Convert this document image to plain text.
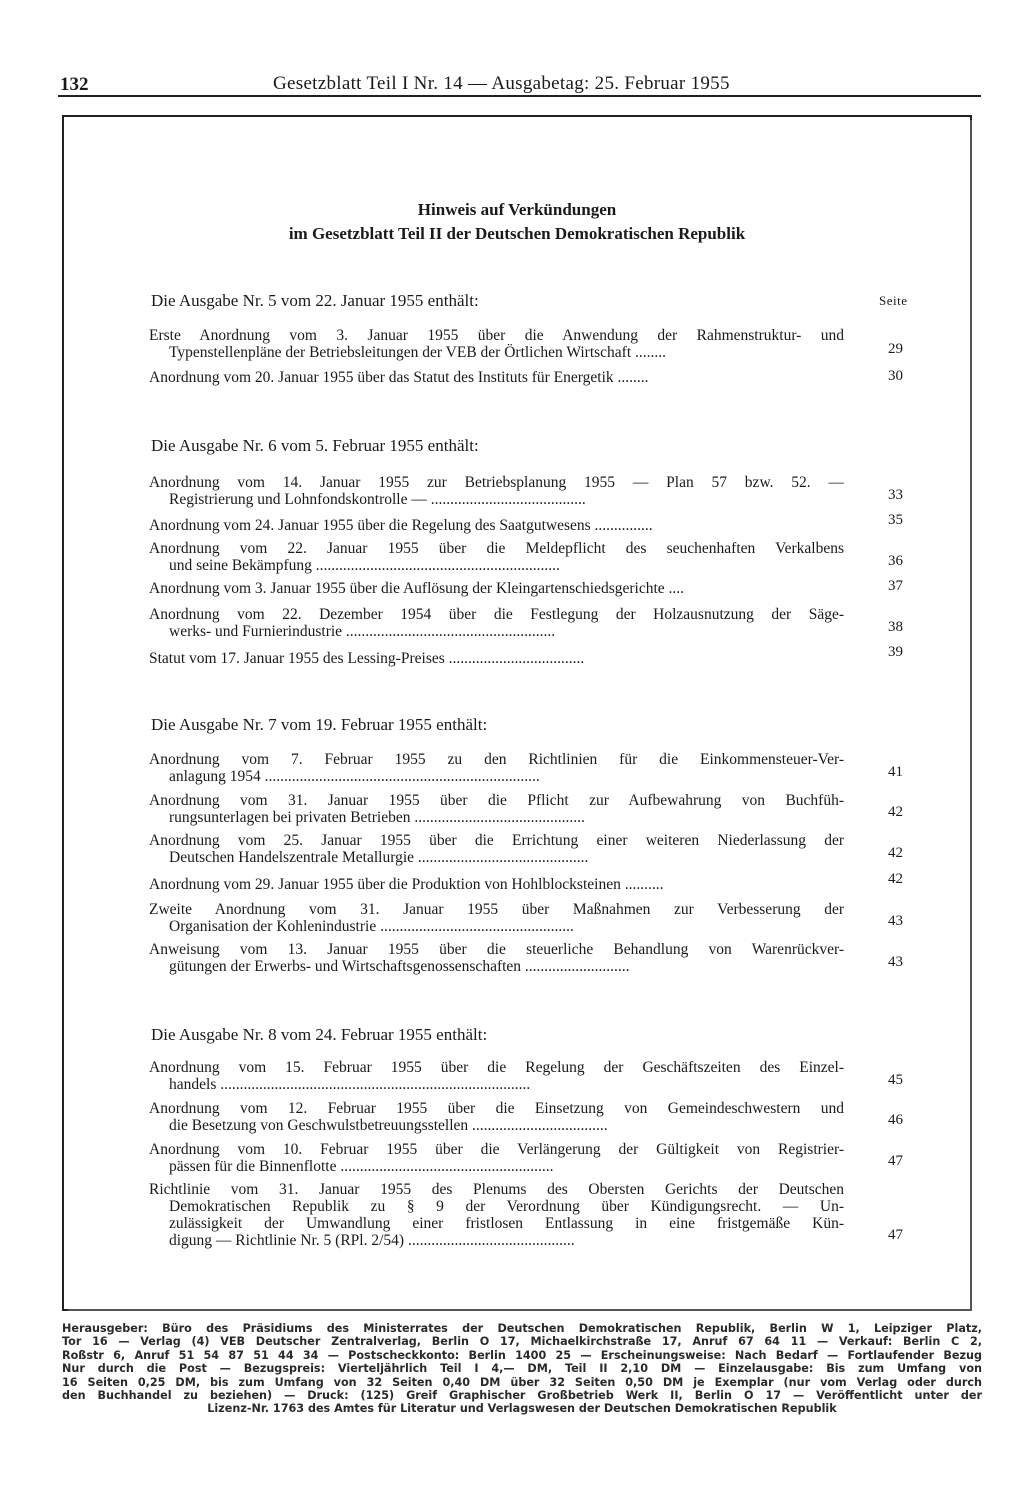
132	Gesetzblatt Teil I Nr. 14 — Ausgabetag: 25. Februar 1955
Hinweis auf Verkündungen
im Gesetzblatt Teil II der Deutschen Demokratischen Republik
Seite
Die Ausgabe Nr. 5 vom 22. Januar 1955 enthält:
Erste Anordnung vom 3. Januar 1955 über die Anwendung der Rahmenstruktur- und
Typenstellenpläne der Betriebsleitungen der VEB der Örtlichen Wirtschaft ........	29
Anordnung vom 20. Januar 1955 über das Statut des Instituts für Energetik ........	30
Die Ausgabe Nr. 6 vom 5. Februar 1955 enthält:
Anordnung vom 14. Januar 1955 zur Betriebsplanung 1955 — Plan 57 bzw. 52. —
Registrierung und Lohnfondskontrolle — ........................................	33
Anordnung vom 24. Januar 1955 über die Regelung des Saatgutwesens ...............	35
Anordnung vom 22. Januar 1955 über die Meldepflicht des seuchenhaften Verkalbens
und seine Bekämpfung ...............................................................	36
Anordnung vom 3. Januar 1955 über die Auflösung der Kleingartenschiedsgerichte ....	37
Anordnung vom 22. Dezember 1954 über die Festlegung der Holzausnutzung der Säge-
werks- und Furnierindustrie ......................................................	38
Statut vom 17. Januar 1955 des Lessing-Preises ...................................	39
Die Ausgabe Nr. 7 vom 19. Februar 1955 enthält:
Anordnung vom 7. Februar 1955 zu den Richtlinien für die Einkommensteuer-Ver-
anlagung 1954 .......................................................................	41
Anordnung vom 31. Januar 1955 über die Pflicht zur Aufbewahrung von Buchfüh-
rungsunterlagen bei privaten Betrieben ............................................	42
Anordnung vom 25. Januar 1955 über die Errichtung einer weiteren Niederlassung der
Deutschen Handelszentrale Metallurgie ............................................	42
Anordnung vom 29. Januar 1955 über die Produktion von Hohlblocksteinen ..........	42
Zweite Anordnung vom 31. Januar 1955 über Maßnahmen zur Verbesserung der
Organisation der Kohlenindustrie ..................................................	43
Anweisung vom 13. Januar 1955 über die steuerliche Behandlung von Warenrückver-
gütungen der Erwerbs- und Wirtschaftsgenossenschaften ...........................	43
Die Ausgabe Nr. 8 vom 24. Februar 1955 enthält:
Anordnung vom 15. Februar 1955 über die Regelung der Geschäftszeiten des Einzel-
handels ................................................................................	45
Anordnung vom 12. Februar 1955 über die Einsetzung von Gemeindeschwestern und
die Besetzung von Geschwulstbetreuungsstellen ...................................	46
Anordnung vom 10. Februar 1955 über die Verlängerung der Gültigkeit von Registrier-
pässen für die Binnenflotte .......................................................	47
Richtlinie vom 31. Januar 1955 des Plenums des Obersten Gerichts der Deutschen
Demokratischen Republik zu § 9 der Verordnung über Kündigungsrecht. — Un-
zulässigkeit der Umwandlung einer fristlosen Entlassung in eine fristgemäße Kün-
digung — Richtlinie Nr. 5 (RPl. 2/54) ...........................................	47
Herausgeber: Büro des Präsidiums des Ministerrates der Deutschen Demokratischen Republik, Berlin W 1, Leipziger Platz,
Tor 16 — Verlag (4) VEB Deutscher Zentralverlag, Berlin O 17, Michaelkirchstraße 17, Anruf 67 64 11 — Verkauf: Berlin C 2,
Roßstr 6, Anruf 51 54 87 51 44 34 — Postscheckkonto: Berlin 1400 25 — Erscheinungsweise: Nach Bedarf — Fortlaufender Bezug
Nur durch die Post — Bezugspreis: Vierteljährlich Teil I 4,— DM, Teil II 2,10 DM — Einzelausgabe: Bis zum Umfang von
16 Seiten 0,25 DM, bis zum Umfang von 32 Seiten 0,40 DM über 32 Seiten 0,50 DM je Exemplar (nur vom Verlag oder durch
den Buchhandel zu beziehen) — Druck: (125) Greif Graphischer Großbetrieb Werk II, Berlin O 17 — Veröffentlicht unter der
Lizenz-Nr. 1763 des Amtes für Literatur und Verlagswesen der Deutschen Demokratischen Republik
